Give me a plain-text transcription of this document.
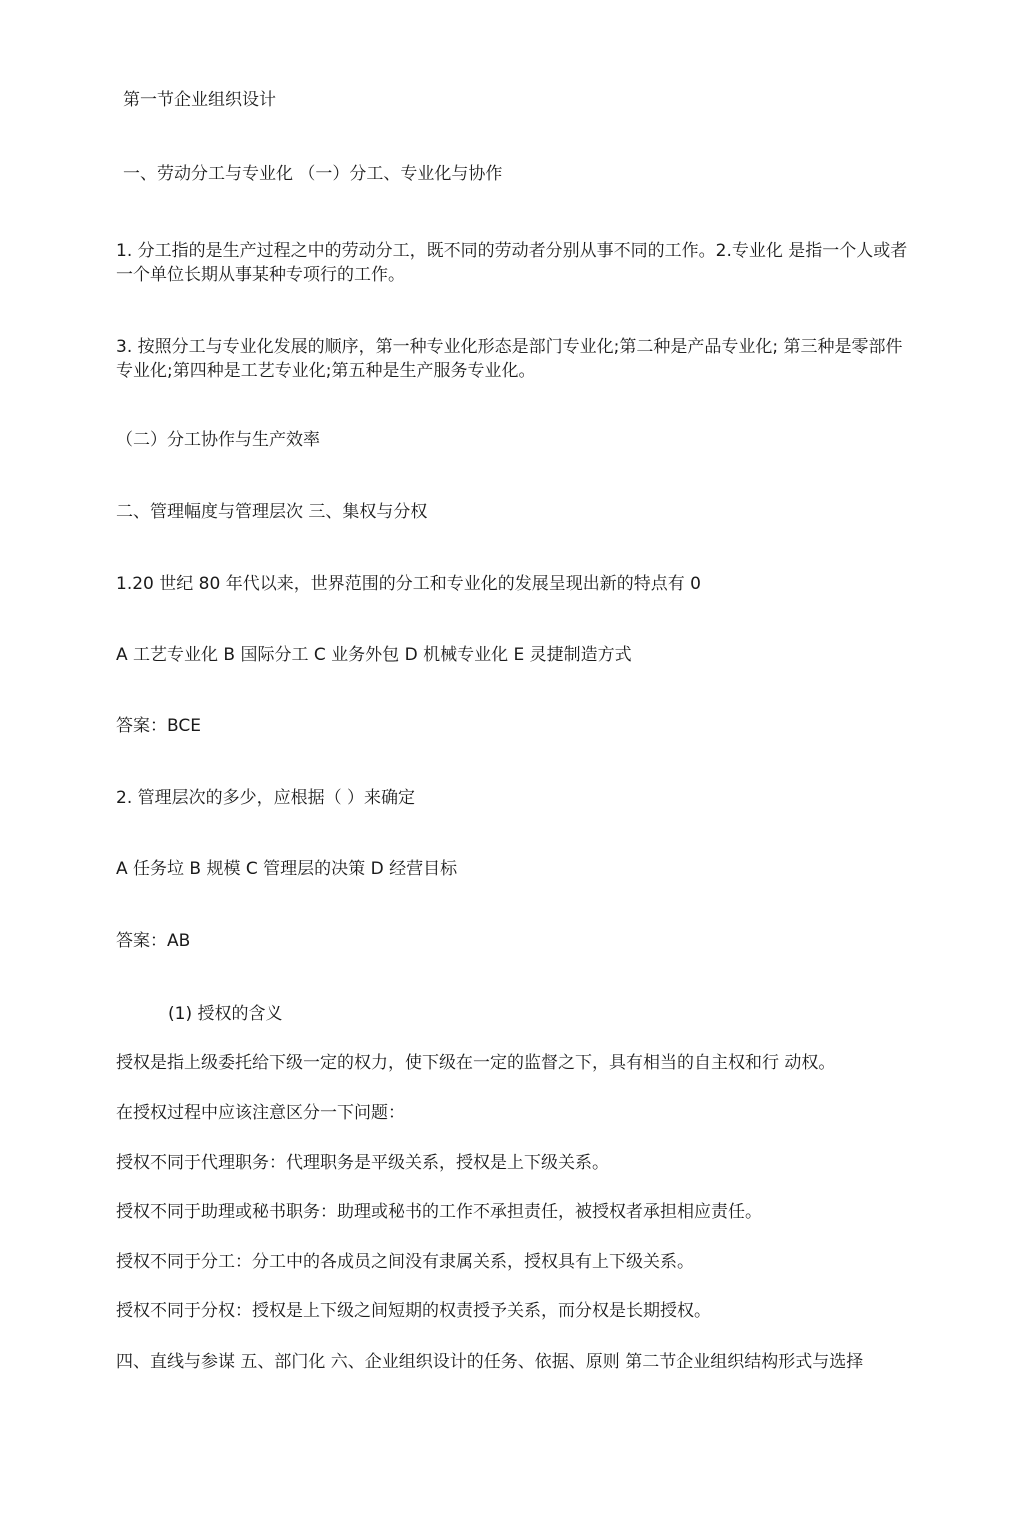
第一节企业组织设计
一、劳动分工与专业化 （一）分工、专业化与协作
1. 分工指的是生产过程之中的劳动分工，既不同的劳动者分别从事不同的工作。2.专业化 是指一个人或者一个单位长期从事某种专项行的工作。
3. 按照分工与专业化发展的顺序，第一种专业化形态是部门专业化;第二种是产品专业化; 第三种是零部件专业化;第四种是工艺专业化;第五种是生产服务专业化。
（二）分工协作与生产效率
二、管理幅度与管理层次 三、集权与分权
1.20 世纪 80 年代以来，世界范围的分工和专业化的发展呈现出新的特点有 0
A 工艺专业化 B 国际分工 C 业务外包 D 机械专业化 E 灵捷制造方式
答案：BCE
2. 管理层次的多少，应根据（ ）来确定
A 任务垃 B 规模 C 管理层的决策 D 经营目标
答案：AB
(1) 授权的含义
授权是指上级委托给下级一定的权力，使下级在一定的监督之下，具有相当的自主权和行 动权。
在授权过程中应该注意区分一下问题：
授权不同于代理职务：代理职务是平级关系，授权是上下级关系。
授权不同于助理或秘书职务：助理或秘书的工作不承担责任，被授权者承担相应责任。
授权不同于分工：分工中的各成员之间没有隶属关系，授权具有上下级关系。
授权不同于分权：授权是上下级之间短期的权责授予关系，而分权是长期授权。
四、直线与参谋 五、部门化 六、企业组织设计的任务、依据、原则 第二节企业组织结构形式与选择
